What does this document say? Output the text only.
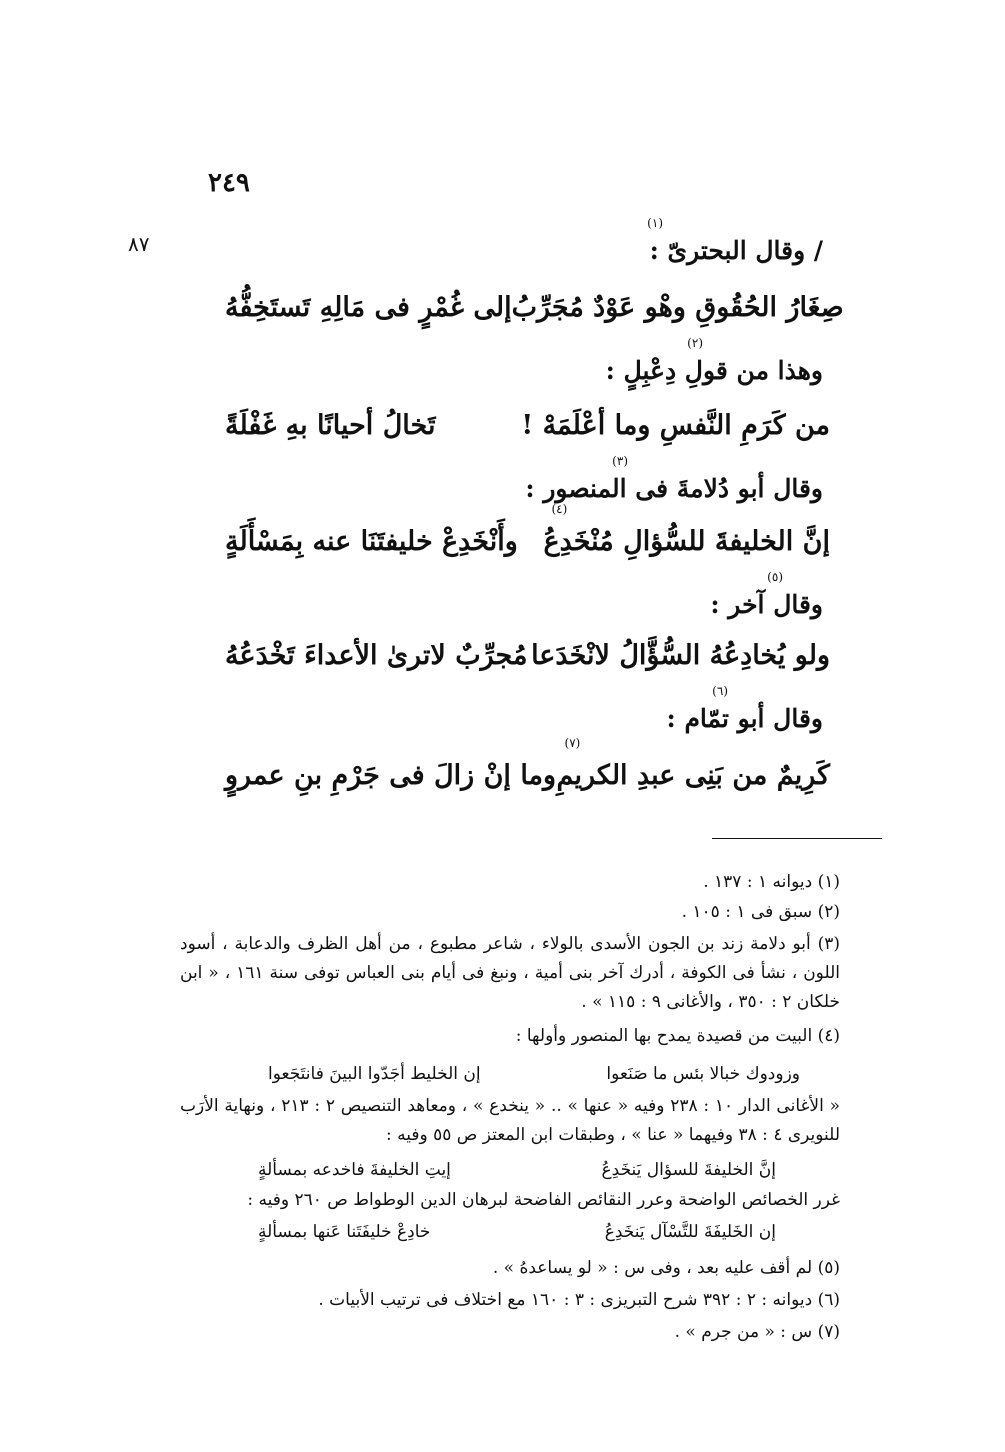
٢٤٩
٨٧	/ وقال البحترىّ :
(١)
إلى غُمْرٍ فى مَالِهِ تَستَخِفُّهُ صِغَارُ الحُقُوقِ وهْو عَوْدٌ مُجَرِّبُ
وهذا من قولِ دِعْبِلٍ :
(٢)
تَخالُ أحيانًا بهِ غَفْلَةً	من كَرَمِ النَّفسِ وما أعْلَمَهْ !
وقال أبو دُلامةَ فى المنصور :
(٣)
وأَنْخَدِعْ خليفتَنَا عنه بِمَسْأَلَةٍ إنَّ الخليفةَ للسُّؤالِ مُنْخَدِعُ
(٤)
وقال آخر :
(٥)
مُجرِّبٌ لاترىٰ الأعداءَ تَخْدَعُهُ ولو يُخادِعُهُ السُّؤَّالُ لانْخَدَعا
وقال أبو تمّام :
(٦)
وما إنْ زالَ فى جَرْمِ بنِ عمروٍ كَرِيمٌ من بَنِى عبدِ الكريمِ
(٧)
(١) ديوانه ١ : ١٣٧ .
(٢) سبق فى ١ : ١٠٥ .
(٣) أبو دلامة زند بن الجون الأسدى بالولاء ، شاعر مطبوع ، من أهل الظرف والدعابة ، أسود اللون ، نشأ فى الكوفة ، أدرك آخر بنى أمية ، ونبغ فى أيام بنى العباس توفى سنة ١٦١ ، « ابن خلكان ٢ : ٣٥٠ ، والأغانى ٩ : ١١٥ » .
(٤) البيت من قصيدة يمدح بها المنصور وأولها :
إن الخليط أجَدّوا البينَ فانتَجَعوا	وزودوك خبالا بئس ما صَنَعوا
« الأغانى الدار ١٠ : ٢٣٨ وفيه « عنها » .. « ينخدع » ، ومعاهد التنصيص ٢ : ٢١٣ ، ونهاية الأرَب للنويرى ٤ : ٣٨ وفيهما « عنا » ، وطبقات ابن المعتز ص ٥٥ وفيه :
إيتِ الخليفةَ فاخدعه بمسألةٍ	إنَّ الخليفةَ للسؤال يَنخَدِعُ
غرر الخصائص الواضحة وعرر النقائص الفاضحة لبرهان الدين الوطواط ص ٢٦٠ وفيه :
خادِعْ خليفَتَنا عَنها بمسألةٍ	إن الخَليفَةَ للتَّسْآل يَنخَدِعُ
(٥) لم أقف عليه بعد ، وفى س : « لو يساعدهُ » .
(٦) ديوانه : ٢ : ٣٩٢ شرح التبريزى : ٣ : ١٦٠ مع اختلاف فى ترتيب الأبيات .
(٧) س : « من جرم » .
